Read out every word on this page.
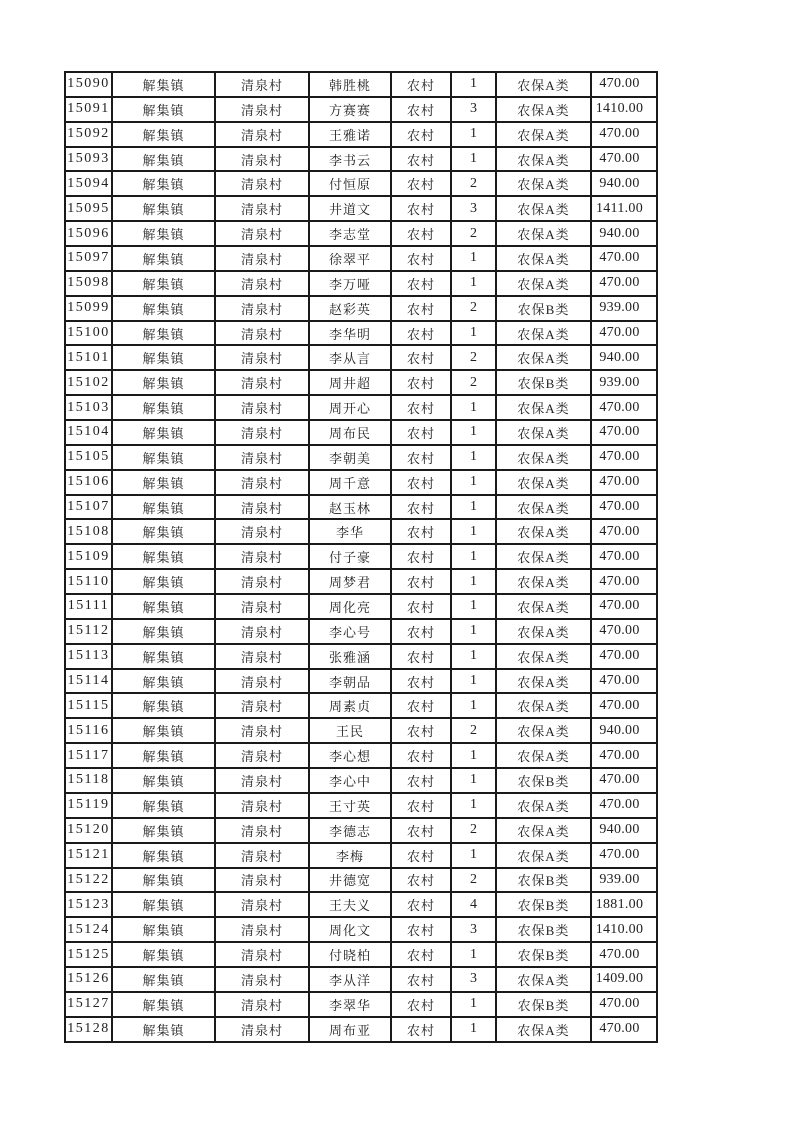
15090	解集镇	清泉村	韩胜桃	农村	1	农保A类	470.00
15091	解集镇	清泉村	方赛赛	农村	3	农保A类	1410.00
15092	解集镇	清泉村	王雅诺	农村	1	农保A类	470.00
15093	解集镇	清泉村	李书云	农村	1	农保A类	470.00
15094	解集镇	清泉村	付恒原	农村	2	农保A类	940.00
15095	解集镇	清泉村	井道文	农村	3	农保A类	1411.00
15096	解集镇	清泉村	李志堂	农村	2	农保A类	940.00
15097	解集镇	清泉村	徐翠平	农村	1	农保A类	470.00
15098	解集镇	清泉村	李万哑	农村	1	农保A类	470.00
15099	解集镇	清泉村	赵彩英	农村	2	农保B类	939.00
15100	解集镇	清泉村	李华明	农村	1	农保A类	470.00
15101	解集镇	清泉村	李从言	农村	2	农保A类	940.00
15102	解集镇	清泉村	周井超	农村	2	农保B类	939.00
15103	解集镇	清泉村	周开心	农村	1	农保A类	470.00
15104	解集镇	清泉村	周布民	农村	1	农保A类	470.00
15105	解集镇	清泉村	李朝美	农村	1	农保A类	470.00
15106	解集镇	清泉村	周千意	农村	1	农保A类	470.00
15107	解集镇	清泉村	赵玉林	农村	1	农保A类	470.00
15108	解集镇	清泉村	李华	农村	1	农保A类	470.00
15109	解集镇	清泉村	付子豪	农村	1	农保A类	470.00
15110	解集镇	清泉村	周梦君	农村	1	农保A类	470.00
15111	解集镇	清泉村	周化亮	农村	1	农保A类	470.00
15112	解集镇	清泉村	李心号	农村	1	农保A类	470.00
15113	解集镇	清泉村	张雅涵	农村	1	农保A类	470.00
15114	解集镇	清泉村	李朝品	农村	1	农保A类	470.00
15115	解集镇	清泉村	周素贞	农村	1	农保A类	470.00
15116	解集镇	清泉村	王民	农村	2	农保A类	940.00
15117	解集镇	清泉村	李心想	农村	1	农保A类	470.00
15118	解集镇	清泉村	李心中	农村	1	农保B类	470.00
15119	解集镇	清泉村	王寸英	农村	1	农保A类	470.00
15120	解集镇	清泉村	李德志	农村	2	农保A类	940.00
15121	解集镇	清泉村	李梅	农村	1	农保A类	470.00
15122	解集镇	清泉村	井德宽	农村	2	农保B类	939.00
15123	解集镇	清泉村	王夫义	农村	4	农保B类	1881.00
15124	解集镇	清泉村	周化文	农村	3	农保B类	1410.00
15125	解集镇	清泉村	付晓柏	农村	1	农保B类	470.00
15126	解集镇	清泉村	李从洋	农村	3	农保A类	1409.00
15127	解集镇	清泉村	李翠华	农村	1	农保B类	470.00
15128	解集镇	清泉村	周布亚	农村	1	农保A类	470.00
